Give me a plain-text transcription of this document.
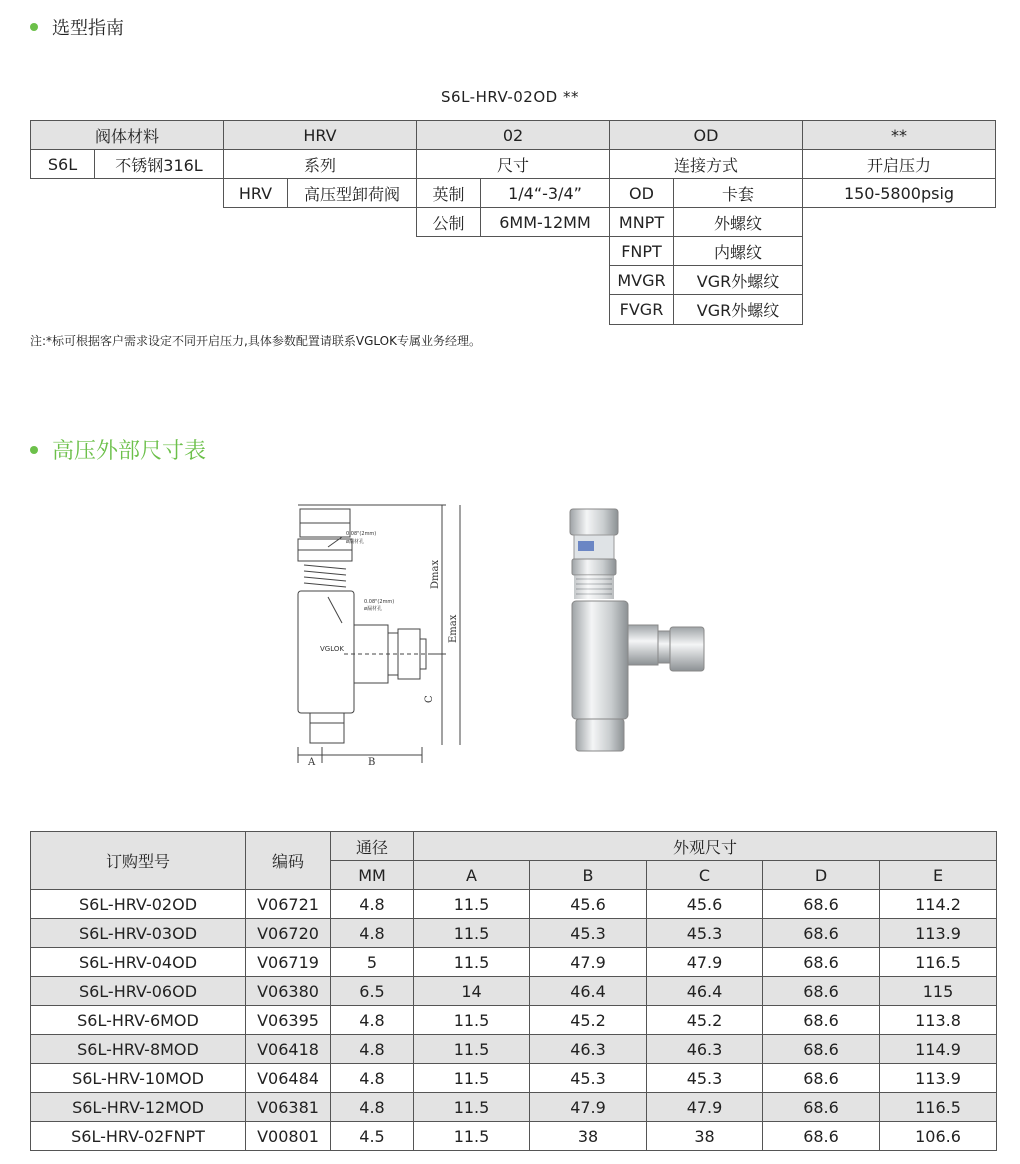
选型指南
S6L-HRV-02OD **
阀体材料	HRV	02	OD	**
S6L	不锈钢316L	系列	尺寸	连接方式	开启压力
HRV	高压型卸荷阀	英制	1/4“-3/4”	OD	卡套	150-5800psig
公制	6MM-12MM	MNPT	外螺纹
FNPT	内螺纹
MVGR	VGR外螺纹
FVGR	VGR外螺纹
注:*标可根据客户需求设定不同开启压力,具体参数配置请联系VGLOK专属业务经理。
高压外部尺寸表
0.08"(2mm)
ø漏材孔
0.08"(2mm)
ø漏材孔
VGLOK
A	B
C
Dmax
Emax
订购型号	编码	通径	外观尺寸				
		MM	A	B	C	D	E
S6L-HRV-02OD	V06721	4.8	11.5	45.6	45.6	68.6	114.2
S6L-HRV-03OD	V06720	4.8	11.5	45.3	45.3	68.6	113.9
S6L-HRV-04OD	V06719	5	11.5	47.9	47.9	68.6	116.5
S6L-HRV-06OD	V06380	6.5	14	46.4	46.4	68.6	115
S6L-HRV-6MOD	V06395	4.8	11.5	45.2	45.2	68.6	113.8
S6L-HRV-8MOD	V06418	4.8	11.5	46.3	46.3	68.6	114.9
S6L-HRV-10MOD	V06484	4.8	11.5	45.3	45.3	68.6	113.9
S6L-HRV-12MOD	V06381	4.8	11.5	47.9	47.9	68.6	116.5
S6L-HRV-02FNPT	V00801	4.5	11.5	38	38	68.6	106.6
